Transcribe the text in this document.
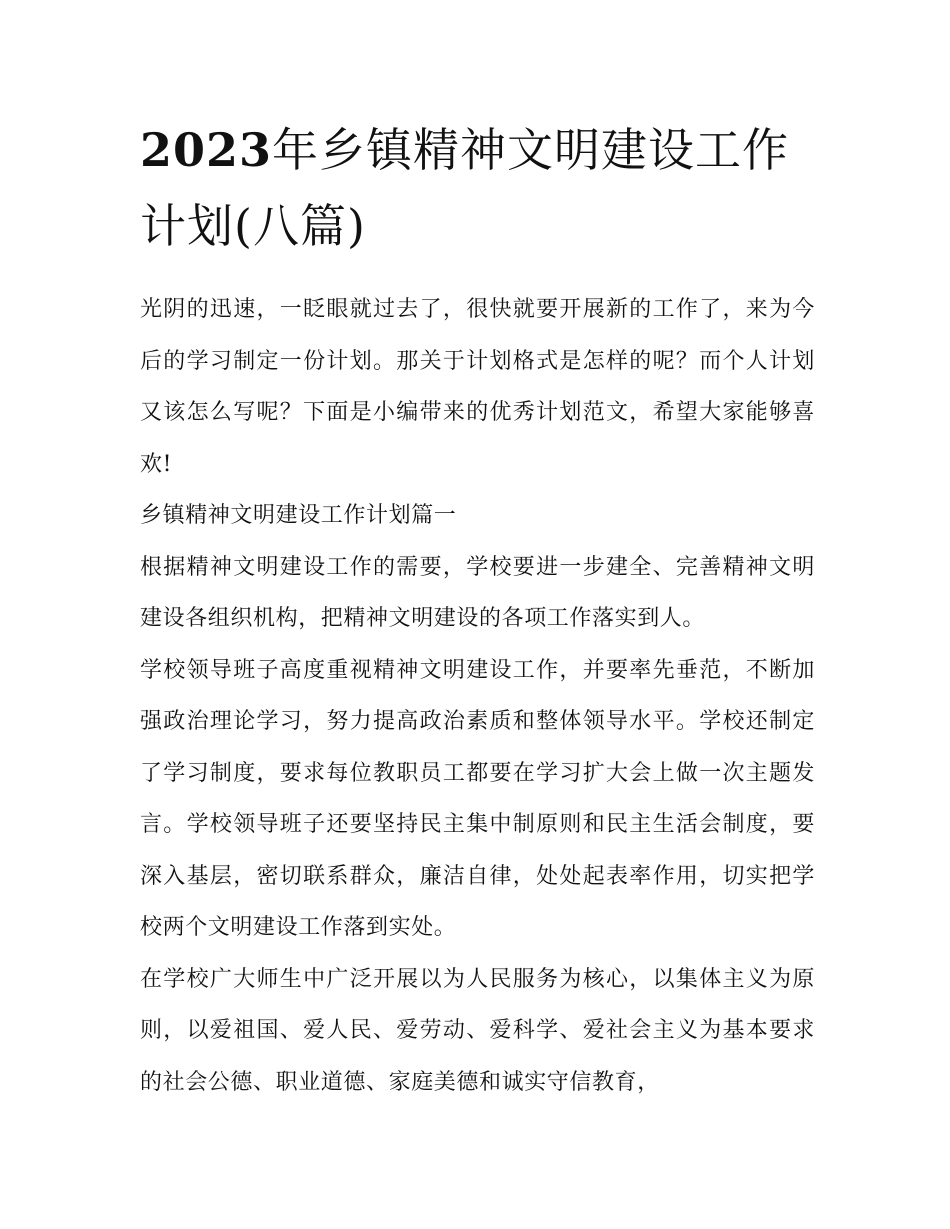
2023年乡镇精神文明建设工作计划(八篇)

光阴的迅速，一眨眼就过去了，很快就要开展新的工作了，来为今后的学习制定一份计划。那关于计划格式是怎样的呢？而个人计划又该怎么写呢？下面是小编带来的优秀计划范文，希望大家能够喜欢!

乡镇精神文明建设工作计划篇一

根据精神文明建设工作的需要，学校要进一步建全、完善精神文明建设各组织机构，把精神文明建设的各项工作落实到人。

学校领导班子高度重视精神文明建设工作，并要率先垂范，不断加强政治理论学习，努力提高政治素质和整体领导水平。学校还制定了学习制度，要求每位教职员工都要在学习扩大会上做一次主题发言。学校领导班子还要坚持民主集中制原则和民主生活会制度，要深入基层，密切联系群众，廉洁自律，处处起表率作用，切实把学校两个文明建设工作落到实处。

在学校广大师生中广泛开展以为人民服务为核心，以集体主义为原则，以爱祖国、爱人民、爱劳动、爱科学、爱社会主义为基本要求的社会公德、职业道德、家庭美德和诚实守信教育，
